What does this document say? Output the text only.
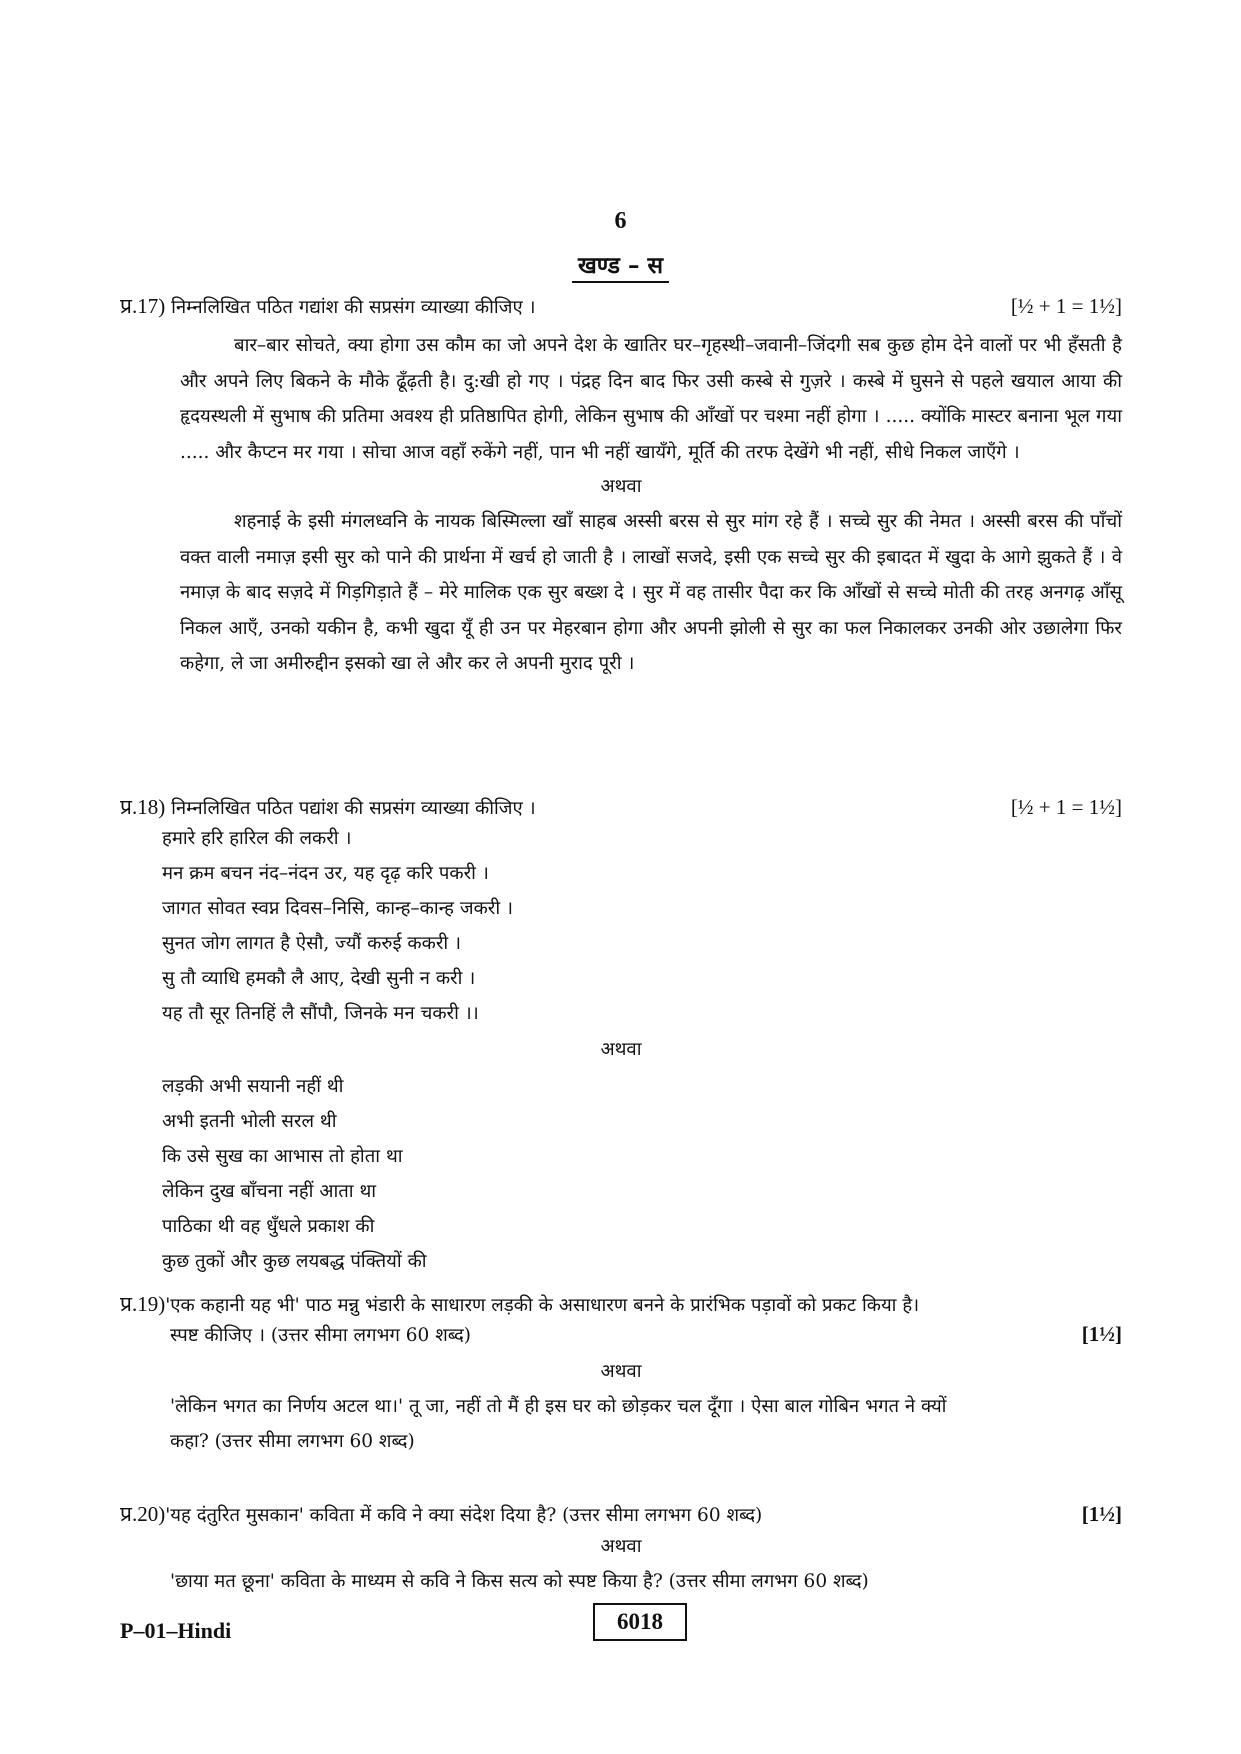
6
खण्ड – स
प्र.17) निम्नलिखित पठित गद्यांश की सप्रसंग व्याख्या कीजिए ।	[½ + 1 = 1½]

बार–बार सोचते, क्या होगा उस कौम का जो अपने देश के खातिर घर–गृहस्थी–जवानी–जिंदगी सब कुछ होम देने वालों पर भी हँसती है और अपने लिए बिकने के मौके ढूँढ़ती है। दु:खी हो गए । पंद्रह दिन बाद फिर उसी कस्बे से गुज़रे । कस्बे में घुसने से पहले खयाल आया की हृदयस्थली में सुभाष की प्रतिमा अवश्य ही प्रतिष्ठापित होगी, लेकिन सुभाष की आँखों पर चश्मा नहीं होगा । ..... क्योंकि मास्टर बनाना भूल गया ..... और कैप्टन मर गया । सोचा आज वहाँ रुकेंगे नहीं, पान भी नहीं खायँगे, मूर्ति की तरफ देखेंगे भी नहीं, सीधे निकल जाएँगे ।

अथवा

शहनाई के इसी मंगलध्वनि के नायक बिस्मिल्ला खाँ साहब अस्सी बरस से सुर मांग रहे हैं । सच्चे सुर की नेमत । अस्सी बरस की पाँचों वक्त वाली नमाज़ इसी सुर को पाने की प्रार्थना में खर्च हो जाती है । लाखों सजदे, इसी एक सच्चे सुर की इबादत में खुदा के आगे झुकते हैं । वे नमाज़ के बाद सज़दे में गिड़गिड़ाते हैं – मेरे मालिक एक सुर बख्श दे । सुर में वह तासीर पैदा कर कि आँखों से सच्चे मोती की तरह अनगढ़ आँसू निकल आएँ, उनको यकीन है, कभी खुदा यूँ ही उन पर मेहरबान होगा और अपनी झोली से सुर का फल निकालकर उनकी ओर उछालेगा फिर कहेगा, ले जा अमीरुद्दीन इसको खा ले और कर ले अपनी मुराद पूरी ।

प्र.18) निम्नलिखित पठित पद्यांश की सप्रसंग व्याख्या कीजिए ।	[½ + 1 = 1½]
हमारे हरि हारिल की लकरी ।
मन क्रम बचन नंद–नंदन उर, यह दृढ़ करि पकरी ।
जागत सोवत स्वप्न दिवस–निसि, कान्ह–कान्ह जकरी ।
सुनत जोग लागत है ऐसौ, ज्यौं करुई ककरी ।
सु तौ व्याधि हमकौ लै आए, देखी सुनी न करी ।
यह तौ सूर तिनहिं लै सौंपौ, जिनके मन चकरी ।।
अथवा
लड़की अभी सयानी नहीं थी
अभी इतनी भोली सरल थी
कि उसे सुख का आभास तो होता था
लेकिन दुख बाँचना नहीं आता था
पाठिका थी वह धुँधले प्रकाश की
कुछ तुकों और कुछ लयबद्ध पंक्तियों की
प्र.19)'एक कहानी यह भी' पाठ मन्नु भंडारी के साधारण लड़की के असाधारण बनने के प्रारंभिक पड़ावों को प्रकट किया है।
स्पष्ट कीजिए । (उत्तर सीमा लगभग 60 शब्द)	[1½]
अथवा
'लेकिन भगत का निर्णय अटल था।' तू जा, नहीं तो मैं ही इस घर को छोड़कर चल दूँगा । ऐसा बाल गोबिन भगत ने क्यों
कहा? (उत्तर सीमा लगभग 60 शब्द)
प्र.20)'यह दंतुरित मुसकान' कविता में कवि ने क्या संदेश दिया है? (उत्तर सीमा लगभग 60 शब्द)	[1½]
अथवा
'छाया मत छूना' कविता के माध्यम से कवि ने किस सत्य को स्पष्ट किया है? (उत्तर सीमा लगभग 60 शब्द)
P–01–Hindi	6018
